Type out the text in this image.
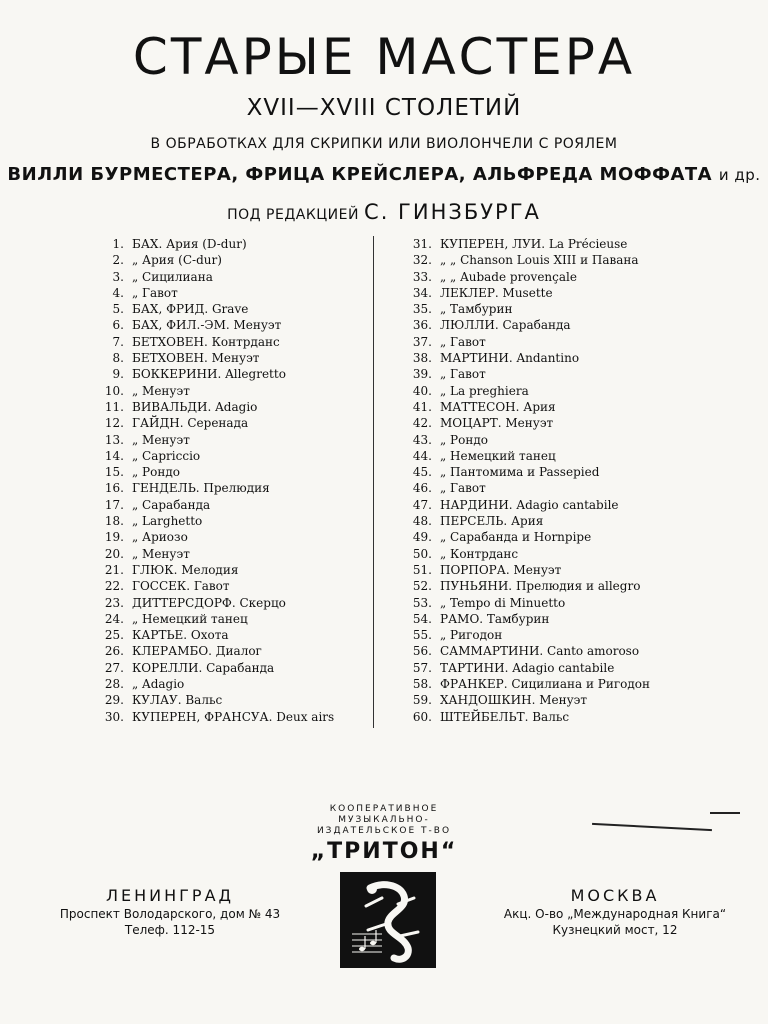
СТАРЫЕ МАСТЕРА
XVII—XVIII СТОЛЕТИЙ
В ОБРАБОТКАХ ДЛЯ СКРИПКИ ИЛИ ВИОЛОНЧЕЛИ С РОЯЛЕМ
ВИЛЛИ БУРМЕСТЕРА, ФРИЦА КРЕЙСЛЕРА, АЛЬФРЕДА МОФФАТА и др.
ПОД РЕДАКЦИЕЙ С. ГИНЗБУРГА
1. БАХ. Ария (D-dur)
2. „ Ария (C-dur)
3. „ Сицилиана
4. „ Гавот
5. БАХ, ФРИД. Grave
6. БАХ, ФИЛ.-ЭМ. Менуэт
7. БЕТХОВЕН. Контрданс
8. БЕТХОВЕН. Менуэт
9. БОККЕРИНИ. Allegretto
10. „ Менуэт
11. ВИВАЛЬДИ. Adagio
12. ГАЙДН. Серенада
13. „ Менуэт
14. „ Capriccio
15. „ Рондо
16. ГЕНДЕЛЬ. Прелюдия
17. „ Сарабанда
18. „ Larghetto
19. „ Ариозо
20. „ Менуэт
21. ГЛЮК. Мелодия
22. ГОССЕК. Гавот
23. ДИТТЕРСДОРФ. Скерцо
24. „ Немецкий танец
25. КАРТЬЕ. Охота
26. КЛЕРАМБО. Диалог
27. КОРЕЛЛИ. Сарабанда
28. „ Adagio
29. КУЛАУ. Вальс
30. КУПЕРЕН, ФРАНСУА. Deux airs
31. КУПЕРЕН, ЛУИ. La Précieuse
32. „ „ Chanson Louis XIII и Павана
33. „ „ Aubade provençale
34. ЛЕКЛЕР. Musette
35. „ Тамбурин
36. ЛЮЛЛИ. Сарабанда
37. „ Гавот
38. МАРТИНИ. Andantino
39. „ Гавот
40. „ La preghiera
41. МАТТЕСОН. Ария
42. МОЦАРТ. Менуэт
43. „ Рондо
44. „ Немецкий танец
45. „ Пантомима и Passepied
46. „ Гавот
47. НАРДИНИ. Adagio cantabile
48. ПЕРСЕЛЬ. Ария
49. „ Сарабанда и Hornpipe
50. „ Контрданс
51. ПОРПОРА. Менуэт
52. ПУНЬЯНИ. Прелюдия и allegro
53. „ Tempo di Minuetto
54. РАМО. Тамбурин
55. „ Ригодон
56. САММАРТИНИ. Canto amoroso
57. ТАРТИНИ. Adagio cantabile
58. ФРАНКЕР. Сицилиана и Ригодон
59. ХАНДОШКИН. Менуэт
60. ШТЕЙБЕЛЬТ. Вальс
КООПЕРАТИВНОЕ
МУЗЫКАЛЬНО-
ИЗДАТЕЛЬСКОЕ Т-ВО
„ТРИТОН“
ЛЕНИНГРАД
Проспект Володарского, дом № 43
Телеф. 112-15
МОСКВА
Акц. О-во „Международная Книга“
Кузнецкий мост, 12
